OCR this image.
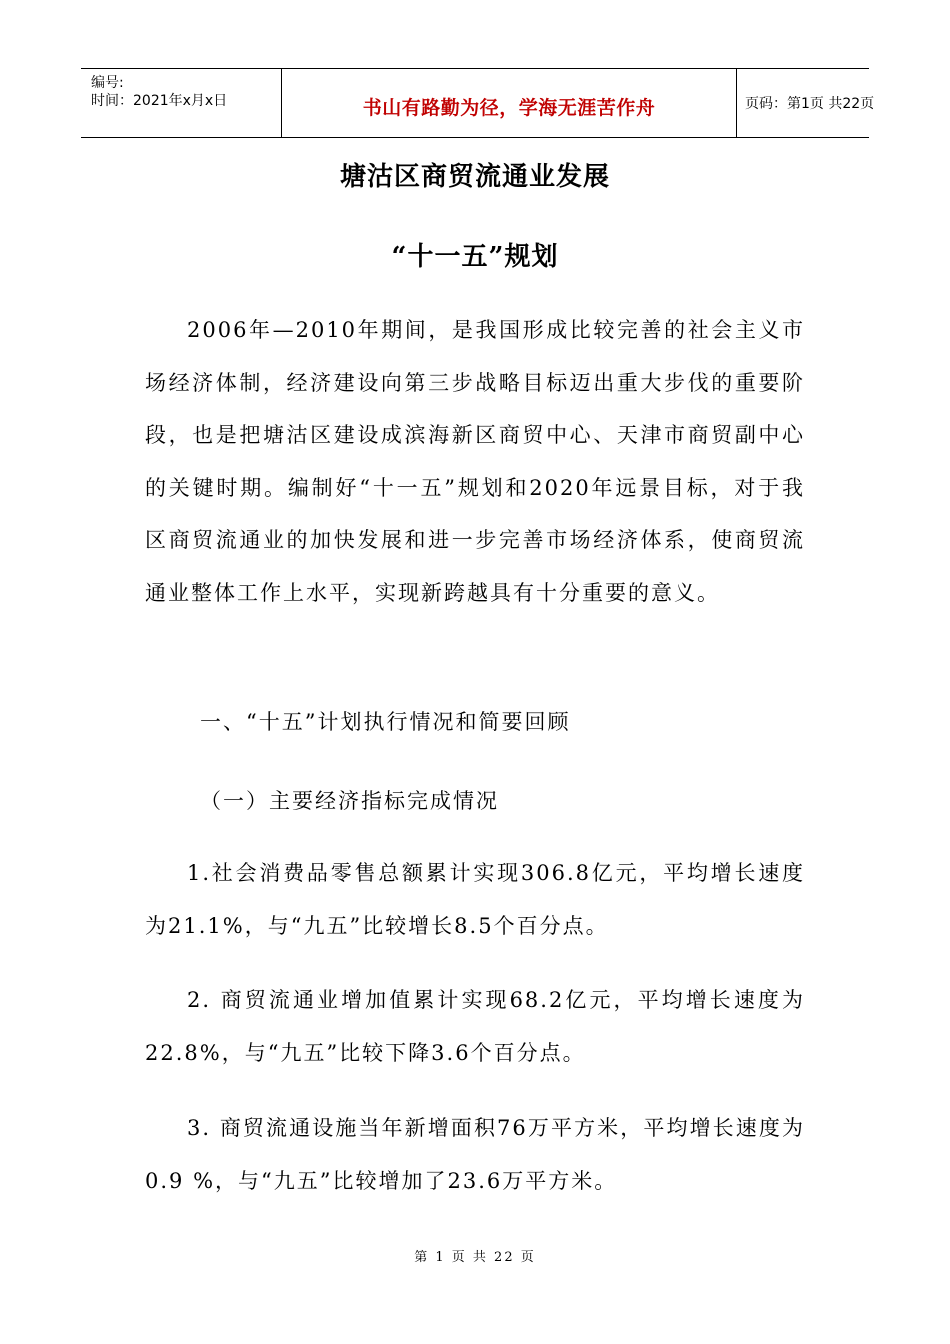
编号:
时间：2021年x月x日	书山有路勤为径，学海无涯苦作舟	页码：第1页 共22页
塘沽区商贸流通业发展
“十一五”规划
2006年—2010年期间，是我国形成比较完善的社会主义市场经济体制，经济建设向第三步战略目标迈出重大步伐的重要阶段，也是把塘沽区建设成滨海新区商贸中心、天津市商贸副中心的关键时期。编制好“十一五”规划和2020年远景目标，对于我区商贸流通业的加快发展和进一步完善市场经济体系，使商贸流通业整体工作上水平，实现新跨越具有十分重要的意义。
一、“十五”计划执行情况和简要回顾
（一）主要经济指标完成情况
1.社会消费品零售总额累计实现306.8亿元，平均增长速度为21.1%，与“九五”比较增长8.5个百分点。
2. 商贸流通业增加值累计实现68.2亿元，平均增长速度为22.8%，与“九五”比较下降3.6个百分点。
3. 商贸流通设施当年新增面积76万平方米，平均增长速度为0.9 %，与“九五”比较增加了23.6万平方米。
第 1 页 共 22 页
